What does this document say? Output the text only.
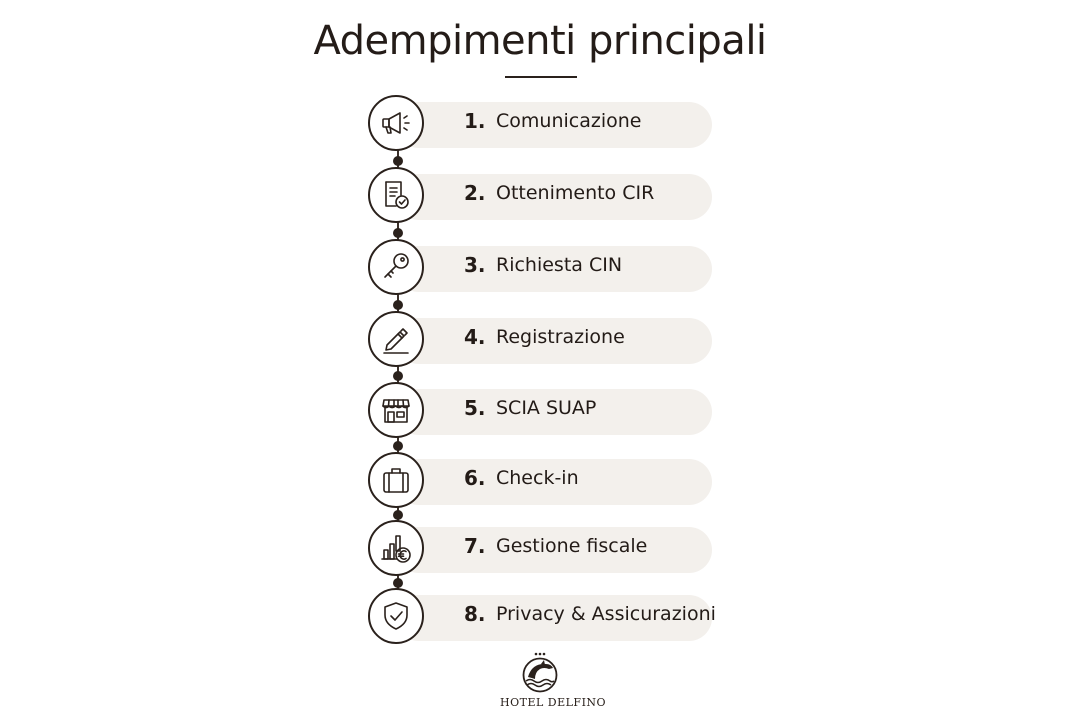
Adempimenti principali
1. Comunicazione
2. Ottenimento CIR
3. Richiesta CIN
4. Registrazione
5. SCIA SUAP
6. Check-in
7. Gestione fiscale
8. Privacy & Assicurazioni
HOTEL DELFINO
